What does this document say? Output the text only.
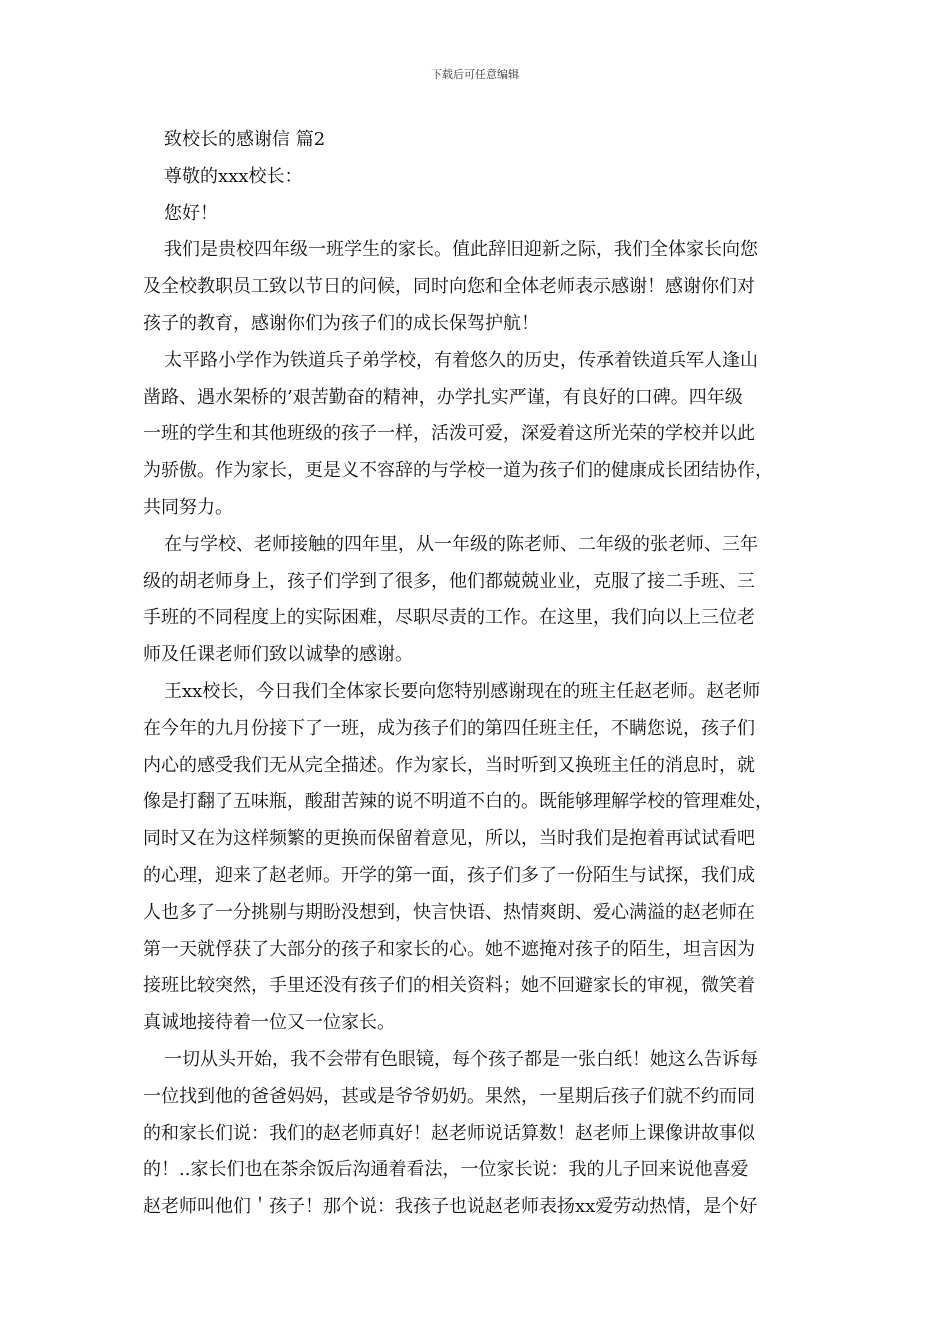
下载后可任意编辑
致校长的感谢信 篇2
尊敬的xxx校长：
您好！
我们是贵校四年级一班学生的家长。值此辞旧迎新之际，我们全体家长向您
及全校教职员工致以节日的问候，同时向您和全体老师表示感谢！感谢你们对
孩子的教育，感谢你们为孩子们的成长保驾护航！
太平路小学作为铁道兵子弟学校，有着悠久的历史，传承着铁道兵军人逢山
凿路、遇水架桥的’艰苦勤奋的精神，办学扎实严谨，有良好的口碑。四年级
一班的学生和其他班级的孩子一样，活泼可爱，深爱着这所光荣的学校并以此
为骄傲。作为家长，更是义不容辞的与学校一道为孩子们的健康成长团结协作，
共同努力。
在与学校、老师接触的四年里，从一年级的陈老师、二年级的张老师、三年
级的胡老师身上，孩子们学到了很多，他们都兢兢业业，克服了接二手班、三
手班的不同程度上的实际困难，尽职尽责的工作。在这里，我们向以上三位老
师及任课老师们致以诚挚的感谢。
王xx校长，今日我们全体家长要向您特别感谢现在的班主任赵老师。赵老师
在今年的九月份接下了一班，成为孩子们的第四任班主任，不瞒您说，孩子们
内心的感受我们无从完全描述。作为家长，当时听到又换班主任的消息时，就
像是打翻了五味瓶，酸甜苦辣的说不明道不白的。既能够理解学校的管理难处，
同时又在为这样频繁的更换而保留着意见，所以，当时我们是抱着再试试看吧
的心理，迎来了赵老师。开学的第一面，孩子们多了一份陌生与试探，我们成
人也多了一分挑剔与期盼没想到，快言快语、热情爽朗、爱心满溢的赵老师在
第一天就俘获了大部分的孩子和家长的心。她不遮掩对孩子的陌生，坦言因为
接班比较突然，手里还没有孩子们的相关资料；她不回避家长的审视，微笑着
真诚地接待着一位又一位家长。
一切从头开始，我不会带有色眼镜，每个孩子都是一张白纸！她这么告诉每
一位找到他的爸爸妈妈，甚或是爷爷奶奶。果然，一星期后孩子们就不约而同
的和家长们说：我们的赵老师真好！赵老师说话算数！赵老师上课像讲故事似
的！..家长们也在茶余饭后沟通着看法，一位家长说：我的儿子回来说他喜爱
赵老师叫他们＇孩子！那个说：我孩子也说赵老师表扬xx爱劳动热情，是个好
